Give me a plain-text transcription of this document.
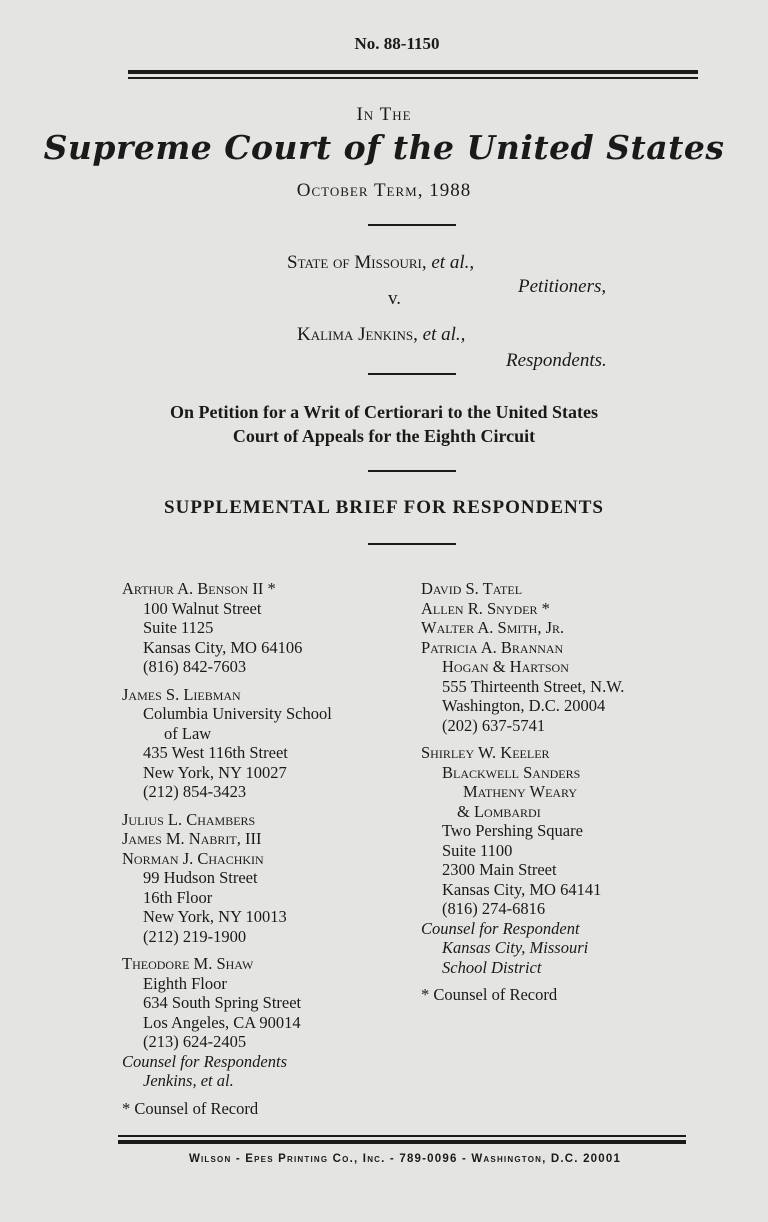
No. 88-1150
In The
Supreme Court of the United States
October Term, 1988
State of Missouri, et al.,
Petitioners,
v.
Kalima Jenkins, et al.,
Respondents.
On Petition for a Writ of Certiorari to the United States
Court of Appeals for the Eighth Circuit
SUPPLEMENTAL BRIEF FOR RESPONDENTS
Arthur A. Benson II *
100 Walnut Street
Suite 1125
Kansas City, MO 64106
(816) 842-7603
James S. Liebman
Columbia University School
of Law
435 West 116th Street
New York, NY 10027
(212) 854-3423
Julius L. Chambers
James M. Nabrit, III
Norman J. Chachkin
99 Hudson Street
16th Floor
New York, NY 10013
(212) 219-1900
Theodore M. Shaw
Eighth Floor
634 South Spring Street
Los Angeles, CA 90014
(213) 624-2405
Counsel for Respondents
Jenkins, et al.
* Counsel of Record
David S. Tatel
Allen R. Snyder *
Walter A. Smith, Jr.
Patricia A. Brannan
Hogan & Hartson
555 Thirteenth Street, N.W.
Washington, D.C. 20004
(202) 637-5741
Shirley W. Keeler
Blackwell Sanders
Matheny Weary
& Lombardi
Two Pershing Square
Suite 1100
2300 Main Street
Kansas City, MO 64141
(816) 274-6816
Counsel for Respondent
Kansas City, Missouri
School District
* Counsel of Record
Wilson - Epes Printing Co., Inc. - 789-0096 - Washington, D.C. 20001
